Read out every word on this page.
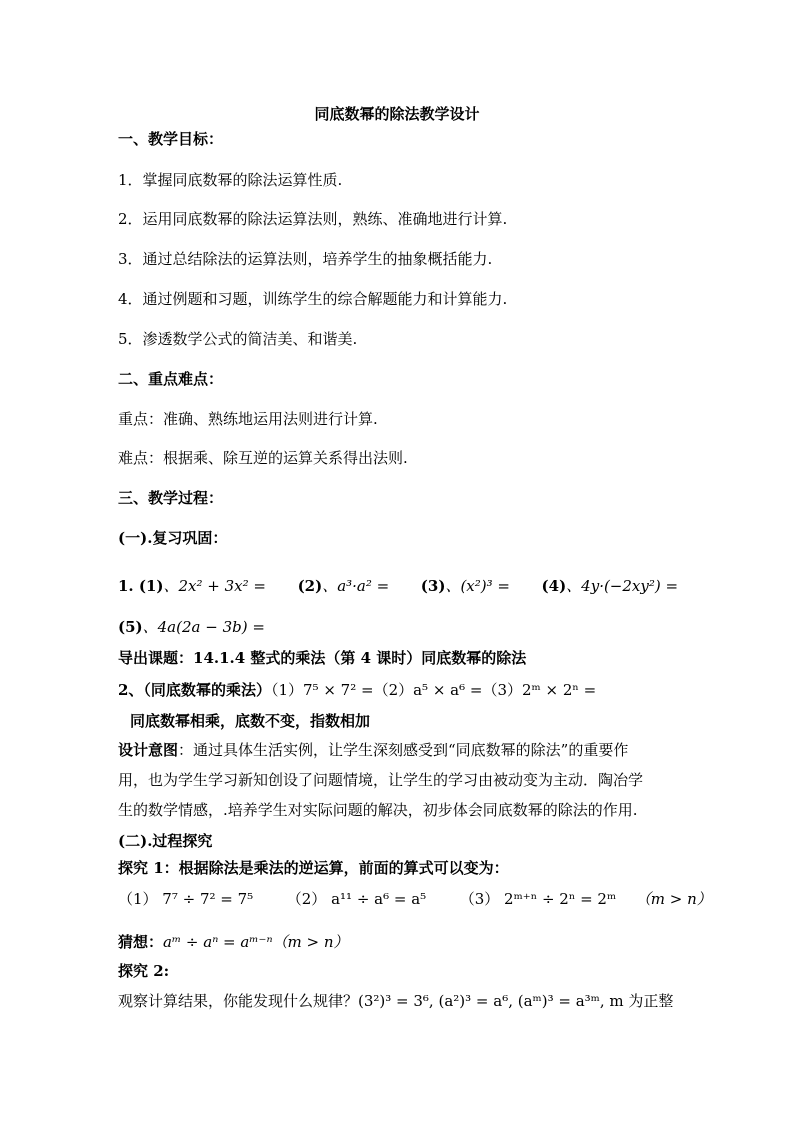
同底数幂的除法教学设计
一、教学目标：
1．掌握同底数幂的除法运算性质.
2．运用同底数幂的除法运算法则，熟练、准确地进行计算.
3．通过总结除法的运算法则，培养学生的抽象概括能力.
4．通过例题和习题，训练学生的综合解题能力和计算能力.
5．渗透数学公式的简洁美、和谐美.
二、重点难点：
重点：准确、熟练地运用法则进行计算.
难点：根据乘、除互逆的运算关系得出法则.
三、教学过程：
(一).复习巩固：
1. (1)、2x² + 3x² = (2)、a³·a² = (3)、(x²)³ = (4)、4y·(−2xy²) =
(5)、4a(2a − 3b) =
导出课题：14.1.4 整式的乘法（第 4 课时）同底数幂的除法
2、（同底数幂的乘法）（1）7⁵ × 7² =（2）a⁵ × a⁶ =（3）2ᵐ × 2ⁿ =
同底数幂相乘，底数不变，指数相加
设计意图：通过具体生活实例，让学生深刻感受到“同底数幂的除法”的重要作
用，也为学生学习新知创设了问题情境，让学生的学习由被动变为主动．陶冶学
生的数学情感，.培养学生对实际问题的解决，初步体会同底数幂的除法的作用.
(二).过程探究
探究 1：根据除法是乘法的逆运算，前面的算式可以变为：
（1） 7⁷ ÷ 7² = 7⁵ （2） a¹¹ ÷ a⁶ = a⁵ （3） 2ᵐ⁺ⁿ ÷ 2ⁿ = 2ᵐ （m > n）
猜想：aᵐ ÷ aⁿ = aᵐ⁻ⁿ（m > n）
探究 2:
观察计算结果，你能发现什么规律？(3²)³ = 3⁶, (a²)³ = a⁶, (aᵐ)³ = a³ᵐ, m 为正整
